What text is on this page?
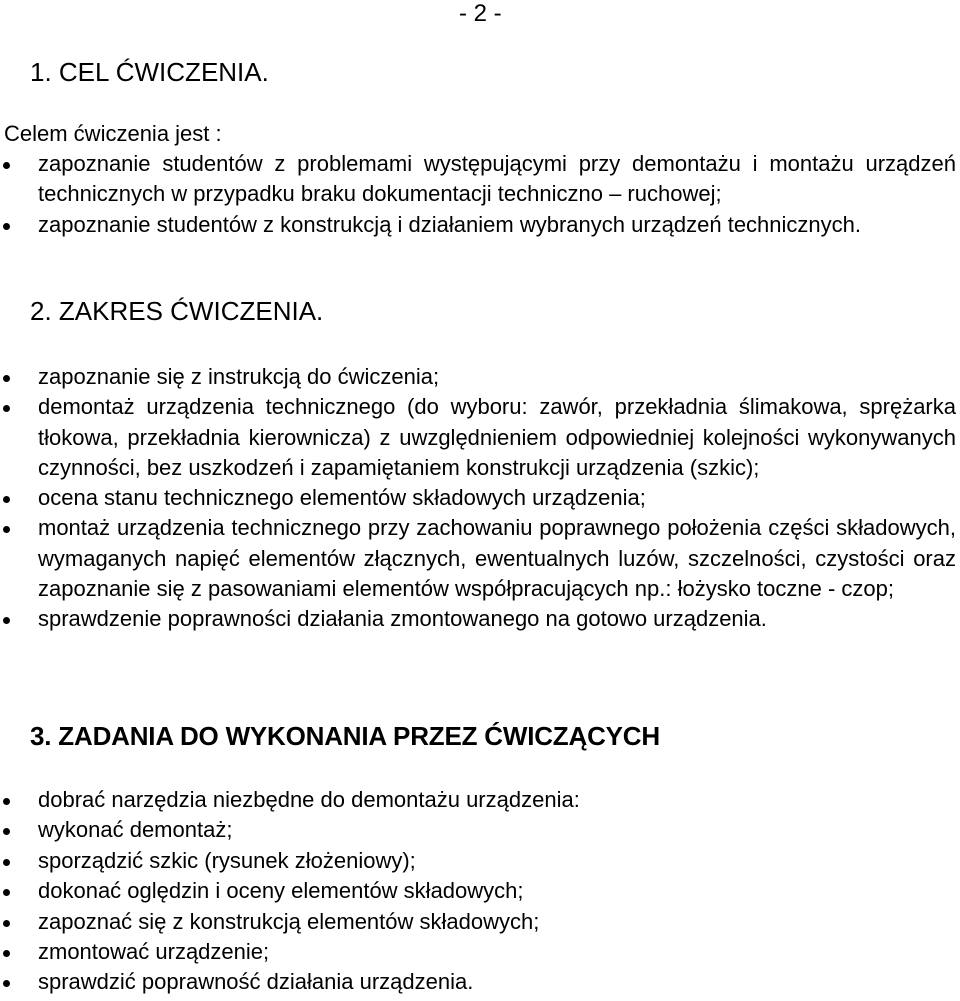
- 2 -
1. CEL ĆWICZENIA.
Celem ćwiczenia jest :
zapoznanie studentów z problemami występującymi przy demontażu i montażu urządzeń technicznych w przypadku braku dokumentacji techniczno – ruchowej;
zapoznanie studentów z konstrukcją i działaniem wybranych urządzeń technicznych.
2. ZAKRES ĆWICZENIA.
zapoznanie się z instrukcją do ćwiczenia;
demontaż urządzenia technicznego (do wyboru: zawór, przekładnia ślimakowa, sprężarka tłokowa, przekładnia kierownicza) z uwzględnieniem odpowiedniej kolejności wykonywanych czynności, bez uszkodzeń i zapamiętaniem konstrukcji urządzenia (szkic);
ocena stanu technicznego elementów składowych urządzenia;
montaż urządzenia technicznego przy zachowaniu poprawnego położenia części składowych, wymaganych napięć elementów złącznych, ewentualnych luzów, szczelności, czystości oraz zapoznanie się z pasowaniami elementów współpracujących np.: łożysko toczne - czop;
sprawdzenie poprawności działania zmontowanego na gotowo urządzenia.
3. ZADANIA DO WYKONANIA PRZEZ ĆWICZĄCYCH
dobrać narzędzia niezbędne do demontażu urządzenia:
wykonać demontaż;
sporządzić szkic (rysunek złożeniowy);
dokonać oględzin i oceny elementów składowych;
zapoznać się z konstrukcją elementów składowych;
zmontować urządzenie;
sprawdzić poprawność działania urządzenia.
